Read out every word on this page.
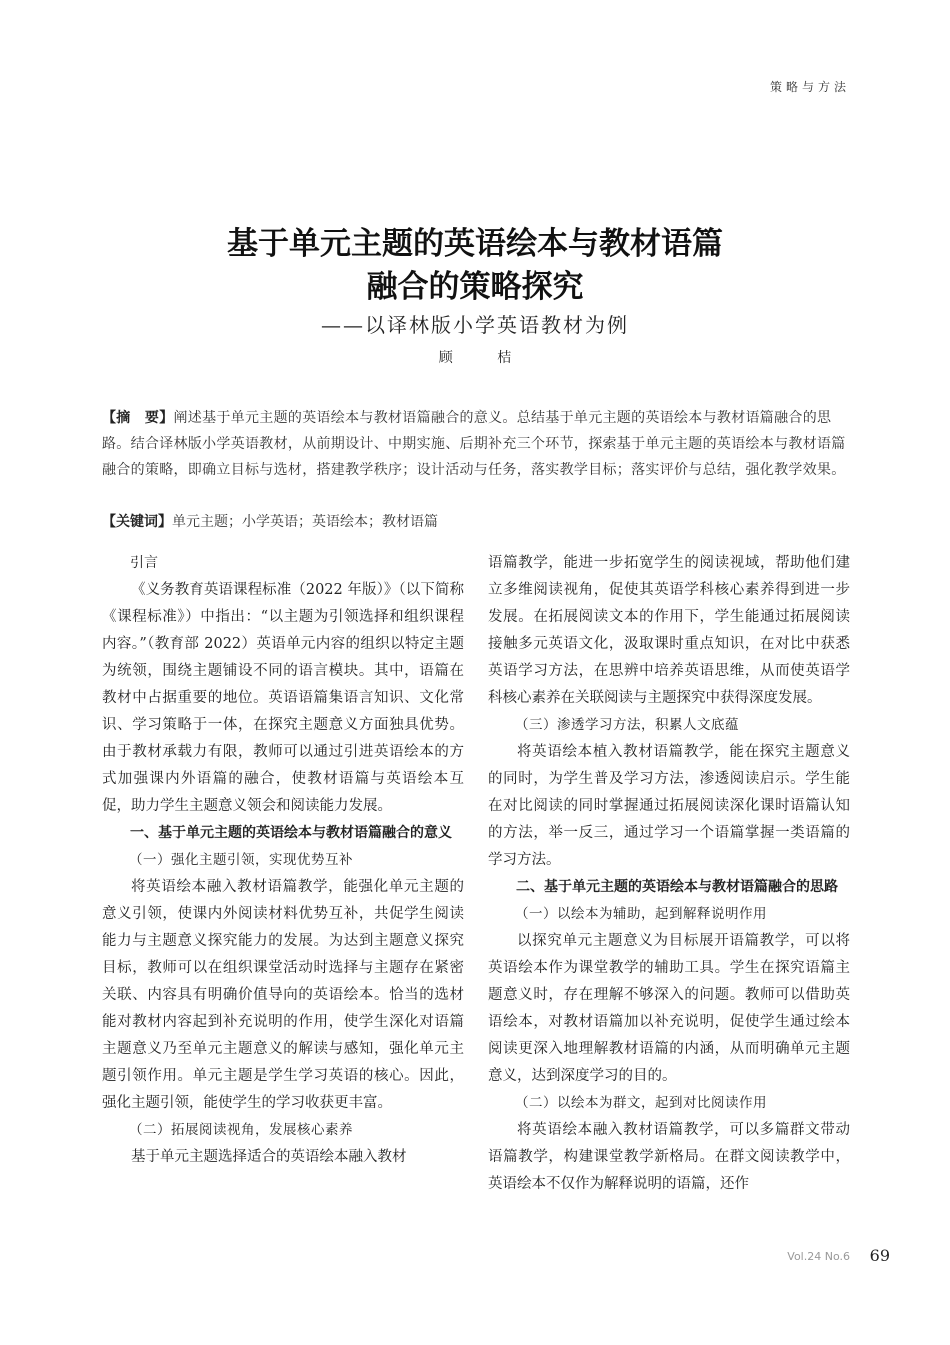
策略与方法
基于单元主题的英语绘本与教材语篇
融合的策略探究
——以译林版小学英语教材为例
顾 桔
【摘　要】阐述基于单元主题的英语绘本与教材语篇融合的意义。总结基于单元主题的英语绘本与教材语篇融合的思路。结合译林版小学英语教材，从前期设计、中期实施、后期补充三个环节，探索基于单元主题的英语绘本与教材语篇融合的策略，即确立目标与选材，搭建教学秩序；设计活动与任务，落实教学目标；落实评价与总结，强化教学效果。
【关键词】单元主题；小学英语；英语绘本；教材语篇
引言

《义务教育英语课程标准（2022 年版）》（以下简称《课程标准》）中指出：“以主题为引领选择和组织课程内容。”（教育部 2022）英语单元内容的组织以特定主题为统领，围绕主题铺设不同的语言模块。其中，语篇在教材中占据重要的地位。英语语篇集语言知识、文化常识、学习策略于一体，在探究主题意义方面独具优势。由于教材承载力有限，教师可以通过引进英语绘本的方式加强课内外语篇的融合，使教材语篇与英语绘本互促，助力学生主题意义领会和阅读能力发展。

一、基于单元主题的英语绘本与教材语篇融合的意义
（一）强化主题引领，实现优势互补

将英语绘本融入教材语篇教学，能强化单元主题的意义引领，使课内外阅读材料优势互补，共促学生阅读能力与主题意义探究能力的发展。为达到主题意义探究目标，教师可以在组织课堂活动时选择与主题存在紧密关联、内容具有明确价值导向的英语绘本。恰当的选材能对教材内容起到补充说明的作用，使学生深化对语篇主题意义乃至单元主题意义的解读与感知，强化单元主题引领作用。单元主题是学生学习英语的核心。因此，强化主题引领，能使学生的学习收获更丰富。

（二）拓展阅读视角，发展核心素养

基于单元主题选择适合的英语绘本融入教材

语篇教学，能进一步拓宽学生的阅读视域，帮助他们建立多维阅读视角，促使其英语学科核心素养得到进一步发展。在拓展阅读文本的作用下，学生能通过拓展阅读接触多元英语文化，汲取课时重点知识，在对比中获悉英语学习方法，在思辨中培养英语思维，从而使英语学科核心素养在关联阅读与主题探究中获得深度发展。

（三）渗透学习方法，积累人文底蕴

将英语绘本植入教材语篇教学，能在探究主题意义的同时，为学生普及学习方法，渗透阅读启示。学生能在对比阅读的同时掌握通过拓展阅读深化课时语篇认知的方法，举一反三，通过学习一个语篇掌握一类语篇的学习方法。

二、基于单元主题的英语绘本与教材语篇融合的思路
（一）以绘本为辅助，起到解释说明作用

以探究单元主题意义为目标展开语篇教学，可以将英语绘本作为课堂教学的辅助工具。学生在探究语篇主题意义时，存在理解不够深入的问题。教师可以借助英语绘本，对教材语篇加以补充说明，促使学生通过绘本阅读更深入地理解教材语篇的内涵，从而明确单元主题意义，达到深度学习的目的。

（二）以绘本为群文，起到对比阅读作用

将英语绘本融入教材语篇教学，可以多篇群文带动语篇教学，构建课堂教学新格局。在群文阅读教学中，英语绘本不仅作为解释说明的语篇，还作

Vol.24 No.6 69
